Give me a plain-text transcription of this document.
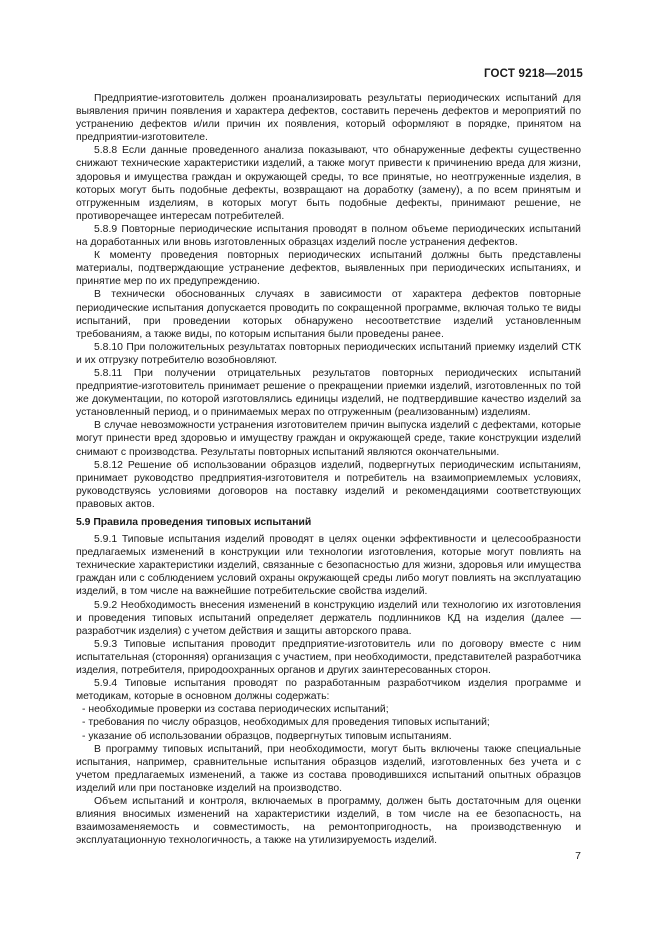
ГОСТ 9218—2015

Предприятие-изготовитель должен проанализировать результаты периодических испытаний для выявления причин появления и характера дефектов, составить перечень дефектов и мероприятий по устранению дефектов и/или причин их появления, который оформляют в порядке, принятом на предприятии-изготовителе.

5.8.8 Если данные проведенного анализа показывают, что обнаруженные дефекты существенно снижают технические характеристики изделий, а также могут привести к причинению вреда для жизни, здоровья и имущества граждан и окружающей среды, то все принятые, но неотгруженные изделия, в которых могут быть подобные дефекты, возвращают на доработку (замену), а по всем принятым и отгруженным изделиям, в которых могут быть подобные дефекты, принимают решение, не противоречащее интересам потребителей.

5.8.9 Повторные периодические испытания проводят в полном объеме периодических испытаний на доработанных или вновь изготовленных образцах изделий после устранения дефектов.

К моменту проведения повторных периодических испытаний должны быть представлены материалы, подтверждающие устранение дефектов, выявленных при периодических испытаниях, и принятие мер по их предупреждению.

В технически обоснованных случаях в зависимости от характера дефектов повторные периодические испытания допускается проводить по сокращенной программе, включая только те виды испытаний, при проведении которых обнаружено несоответствие изделий установленным требованиям, а также виды, по которым испытания были проведены ранее.

5.8.10 При положительных результатах повторных периодических испытаний приемку изделий СТК и их отгрузку потребителю возобновляют.

5.8.11 При получении отрицательных результатов повторных периодических испытаний предприятие-изготовитель принимает решение о прекращении приемки изделий, изготовленных по той же документации, по которой изготовлялись единицы изделий, не подтвердившие качество изделий за установленный период, и о принимаемых мерах по отгруженным (реализованным) изделиям.

В случае невозможности устранения изготовителем причин выпуска изделий с дефектами, которые могут принести вред здоровью и имуществу граждан и окружающей среде, такие конструкции изделий снимают с производства. Результаты повторных испытаний являются окончательными.

5.8.12 Решение об использовании образцов изделий, подвергнутых периодическим испытаниям, принимает руководство предприятия-изготовителя и потребитель на взаимоприемлемых условиях, руководствуясь условиями договоров на поставку изделий и рекомендациями соответствующих правовых актов.

5.9 Правила проведения типовых испытаний

5.9.1 Типовые испытания изделий проводят в целях оценки эффективности и целесообразности предлагаемых изменений в конструкции или технологии изготовления, которые могут повлиять на технические характеристики изделий, связанные с безопасностью для жизни, здоровья или имущества граждан или с соблюдением условий охраны окружающей среды либо могут повлиять на эксплуатацию изделий, в том числе на важнейшие потребительские свойства изделий.

5.9.2 Необходимость внесения изменений в конструкцию изделий или технологию их изготовления и проведения типовых испытаний определяет держатель подлинников КД на изделия (далее — разработчик изделия) с учетом действия и защиты авторского права.

5.9.3 Типовые испытания проводит предприятие-изготовитель или по договору вместе с ним испытательная (сторонняя) организация с участием, при необходимости, представителей разработчика изделия, потребителя, природоохранных органов и других заинтересованных сторон.

5.9.4 Типовые испытания проводят по разработанным разработчиком изделия программе и методикам, которые в основном должны содержать:

- необходимые проверки из состава периодических испытаний;
- требования по числу образцов, необходимых для проведения типовых испытаний;
- указание об использовании образцов, подвергнутых типовым испытаниям.

В программу типовых испытаний, при необходимости, могут быть включены также специальные испытания, например, сравнительные испытания образцов изделий, изготовленных без учета и с учетом предлагаемых изменений, а также из состава проводившихся испытаний опытных образцов изделий или при постановке изделий на производство.

Объем испытаний и контроля, включаемых в программу, должен быть достаточным для оценки влияния вносимых изменений на характеристики изделий, в том числе на ее безопасность, на взаимозаменяемость и совместимость, на ремонтопригодность, на производственную и эксплуатационную технологичность, а также на утилизируемость изделий.

7
